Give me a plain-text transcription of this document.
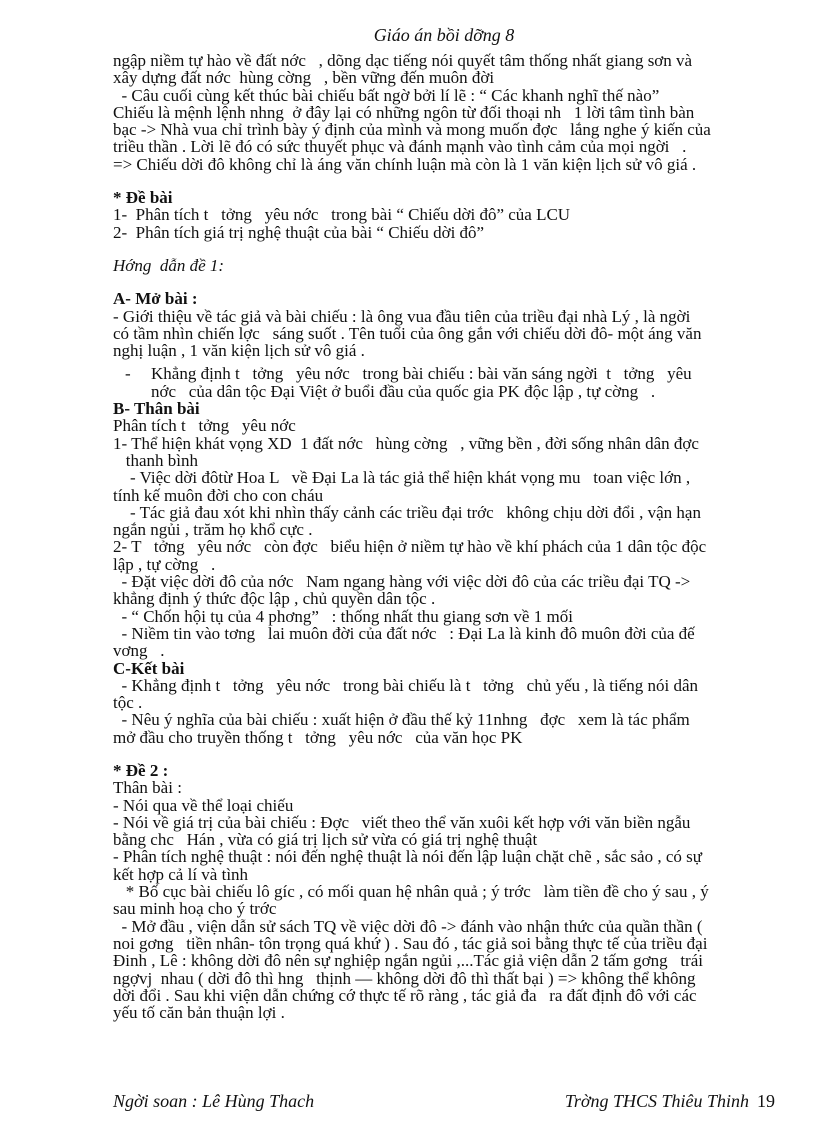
Giáo án bồi dỡng 8
ngập niềm tự hào về đất nớc   , dõng dạc tiếng nói quyết tâm thống nhất giang sơn và
xây dựng đất nớc  hùng cờng   , bền vững đến muôn đời
- Câu cuối cùng kết thúc bài chiếu bất ngờ bởi lí lẽ : “ Các khanh nghĩ thế nào”
Chiếu là mệnh lệnh nhng  ở đây lại có những ngôn từ đối thoại nh   1 lời tâm tình bàn
bạc -> Nhà vua chỉ trình bày ý định của mình và mong muốn đợc   lắng nghe ý kiến của
triều thần . Lời lẽ đó có sức thuyết phục và đánh mạnh vào tình cảm của mọi ngời   .
=> Chiếu dời đô không chỉ là áng văn chính luận mà còn là 1 văn kiện lịch sử vô giá .
* Đề bài
1-  Phân tích t   tởng   yêu nớc   trong bài “ Chiếu dời đô” của LCU
2-  Phân tích giá trị nghệ thuật của bài “ Chiếu dời đô”
Hớng  dẫn đề 1:
A- Mở bài :
- Giới thiệu về tác giả và bài chiếu : là ông vua đầu tiên của triều đại nhà Lý , là ngời
có tầm nhìn chiến lợc   sáng suốt . Tên tuổi của ông gắn với chiếu dời đô- một áng văn
nghị luận , 1 văn kiện lịch sử vô giá .
-	Khẳng định t   tởng   yêu nớc   trong bài chiếu : bài văn sáng ngời  t   tởng   yêu
nớc   của dân tộc Đại Việt ở buổi đầu của quốc gia PK độc lập , tự cờng   .
B- Thân bài
Phân tích t   tởng   yêu nớc
1- Thể hiện khát vọng XD  1 đất nớc   hùng cờng   , vững bền , đời sống nhân dân đợc
thanh bình
- Việc dời đôtừ Hoa L   về Đại La là tác giả thể hiện khát vọng mu   toan việc lớn ,
tính kế muôn đời cho con cháu
- Tác giả đau xót khi nhìn thấy cảnh các triều đại trớc   không chịu dời đổi , vận hạn
ngắn ngủi , trăm họ khổ cực .
2- T   tởng   yêu nớc   còn đợc   biểu hiện ở niềm tự hào về khí phách của 1 dân tộc độc
lập , tự cờng   .
- Đặt việc dời đô của nớc   Nam ngang hàng với việc dời đô của các triều đại TQ ->
khẳng định ý thức độc lập , chủ quyền dân tộc .
- “ Chốn hội tụ của 4 phơng”   : thống nhất thu giang sơn về 1 mối
- Niềm tin vào tơng   lai muôn đời của đất nớc   : Đại La là kinh đô muôn đời của đế
vơng   .
C-Kết bài
- Khẳng định t   tởng   yêu nớc   trong bài chiếu là t   tởng   chủ yếu , là tiếng nói dân
tộc .
- Nêu ý nghĩa của bài chiếu : xuất hiện ở đầu thế kỷ 11nhng   đợc   xem là tác phẩm
mở đầu cho truyền thống t   tởng   yêu nớc   của văn học PK
* Đề 2 :
Thân bài :
- Nói qua về thể loại chiếu
- Nói về giá trị của bài chiếu : Đợc   viết theo thể văn xuôi kết hợp với văn biền ngẫu
bằng chc   Hán , vừa có giá trị lịch sử vừa có giá trị nghệ thuật
- Phân tích nghệ thuật : nói đến nghệ thuật là nói đến lập luận chặt chẽ , sắc sảo , có sự
kết hợp cả lí và tình
* Bố cục bài chiếu lô gíc , có mối quan hệ nhân quả ; ý trớc   làm tiền đề cho ý sau , ý
sau minh hoạ cho ý trớc
- Mở đầu , viện dẫn sử sách TQ về việc dời đô -> đánh vào nhận thức của quần thần (
noi gơng   tiền nhân- tôn trọng quá khứ ) . Sau đó , tác giả soi bằng thực tế của triều đại
Đinh , Lê : không dời đô nên sự nghiệp ngắn ngủi ,...Tác giả viện dẫn 2 tấm gơng   trái
ngợvj  nhau ( dời đô thì hng   thịnh — không dời đô thì thất bại ) => không thể không
dời đổi . Sau khi viện dẫn chứng cớ thực tế rõ ràng , tác giả đa   ra đất định đô với các
yếu tố căn bản thuận lợi .
Ngời soan : Lê Hùng Thach	Trờng THCS Thiêu Thinh 19
